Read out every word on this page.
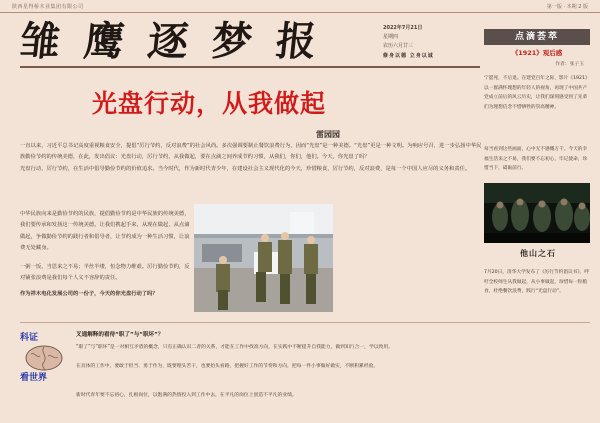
陕西星得桥木业集团有限公司	第一版 · 本期 2 版
雏鹰逐梦报	2022年7月21日
星期四
农历六月廿三
修身以德 立身以诚
光盘行动，从我做起
雷园园
一直以来，习近平总书记高度重视粮食安全，提倡“厉行节约，反对浪费”的社会风尚。多次强调要制止餐饮浪费行为，因而“光盘”是一种美德。“光盘”更是一种文明。为响应号召，进一步弘扬中华民族勤俭节约的传统美德，在此，发出倡议：光盘行动，厉行节约，从我做起，要在点滴之间养成节约习惯，从我们，你们，他们。今天，你光盘了吗？
光盘行动，厉行节约，在生活中倡导勤俭节约的价值追求。当今时代，作为新时代青少年，在建设社会主义现代化的今天，珍惜粮食，厉行节约，反对浪费，是每一个中国人应尽的义务和责任。
中华民族向来是勤俭节约的民族，提倡勤俭节约是中华民族的传统美德，我们要传承和发扬这一传统美德。让我们携起手来，从现在做起，从点滴做起，争做勤俭节约的践行者和倡导者，让节约成为一种生活习惯，让浪费无处藏身。
一粥一饭，当思来之不易；半丝半缕，恒念物力维艰。厉行勤俭节约，反对铺张浪费是我们每个人义不容辞的责任。
作为祥木电化发展公司的一份子，今天的你光盘行动了吗？
点滴荟萃
《1921》观后感
作者：张子玉
宁愿死，不后退。在建党百年之际，影片《1921》以一群满怀理想的年轻人的视角，再现了中国共产党成立前后的风云历史，让我们深刻感受到了先辈们为理想信念不惜牺牲的崇高精神。
每当看到这些画面，心中无不感慨万千。今天的幸福生活来之不易，我们要不忘初心，牢记使命，珍惜当下，砥砺前行。
他山之石
7月20日，清华大学发布了《厉行节约倡议书》，呼吁全校师生从我做起，从小事做起，珍惜每一粒粮食，杜绝餐饮浪费，践行“光盘行动”。
科证
看世界
叉通解释的看待“职了”与“职坏”？
“职了”与“职坏”是一对相互矛盾的概念，只有正确认识二者的关系，才能在工作中找准方向，在实践中不断提升自我能力，做到知行合一，学以致用。
在具体的工作中，要敢于担当、勇于作为，既要埋头苦干，也要抬头看路，把握好工作的节奏和方向，把每一件小事做好做实，不断积累经验。
新时代青年要不忘初心，扎根岗位，以饱满的热情投入到工作中去，在平凡的岗位上创造不平凡的业绩。
